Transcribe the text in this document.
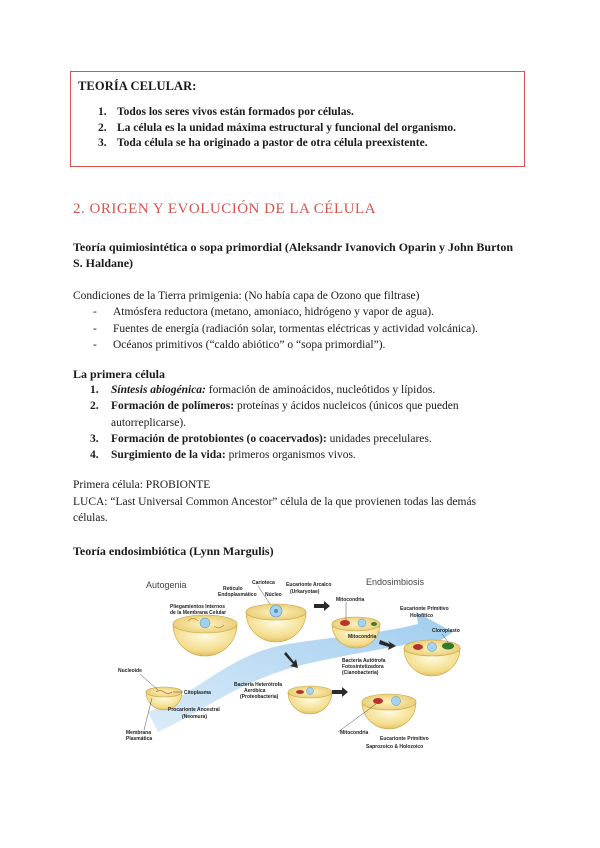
TEORÍA CELULAR:
1. Todos los seres vivos están formados por células.
2. La célula es la unidad máxima estructural y funcional del organismo.
3. Toda célula se ha originado a pastor de otra célula preexistente.
2. ORIGEN Y EVOLUCIÓN DE LA CÉLULA
Teoría quimiosintética o sopa primordial (Aleksandr Ivanovich Oparin y John Burton
S. Haldane)
Condiciones de la Tierra primigenia: (No había capa de Ozono que filtrase)
- Atmósfera reductora (metano, amoniaco, hidrógeno y vapor de agua).
- Fuentes de energía (radiación solar, tormentas eléctricas y actividad volcánica).
- Océanos primitivos (“caldo abiótico” o “sopa primordial”).
La primera célula
1. Síntesis abiogénica: formación de aminoácidos, nucleótidos y lípidos.
2. Formación de polímeros: proteínas y ácidos nucleicos (únicos que pueden autorreplicarse).
3. Formación de protobiontes (o coacervados): unidades precelulares.
4. Surgimiento de la vida: primeros organismos vivos.
Primera célula: PROBIONTE
LUCA: “Last Universal Common Ancestor” célula de la que provienen todas las demás
células.
Teoría endosimbiótica (Lynn Margulis)
Autogenia	Endosimbiosis
Pliegamientos Internos
de la Membrana Celular
Retículo
Endoplasmático
Carioteca
Núcleo
Eucarionte Arcaico
(Urkaryotae)
Mitocondria
Mitocondria
Eucarionte Primitivo
Holofítico
Cloroplasto
Bacteria Autótrofa
Fotosintetizadora
(Cianobacteria)
Nucleoide
Citoplasma
Bacteria Heterótrofa
Aeróbica
(Proteobacteria)
Procarionte Ancestral
(Neomura)
Membrana
Plasmática
Mitocondria
Eucarionte Primitivo
Saprozoico & Holozoico
